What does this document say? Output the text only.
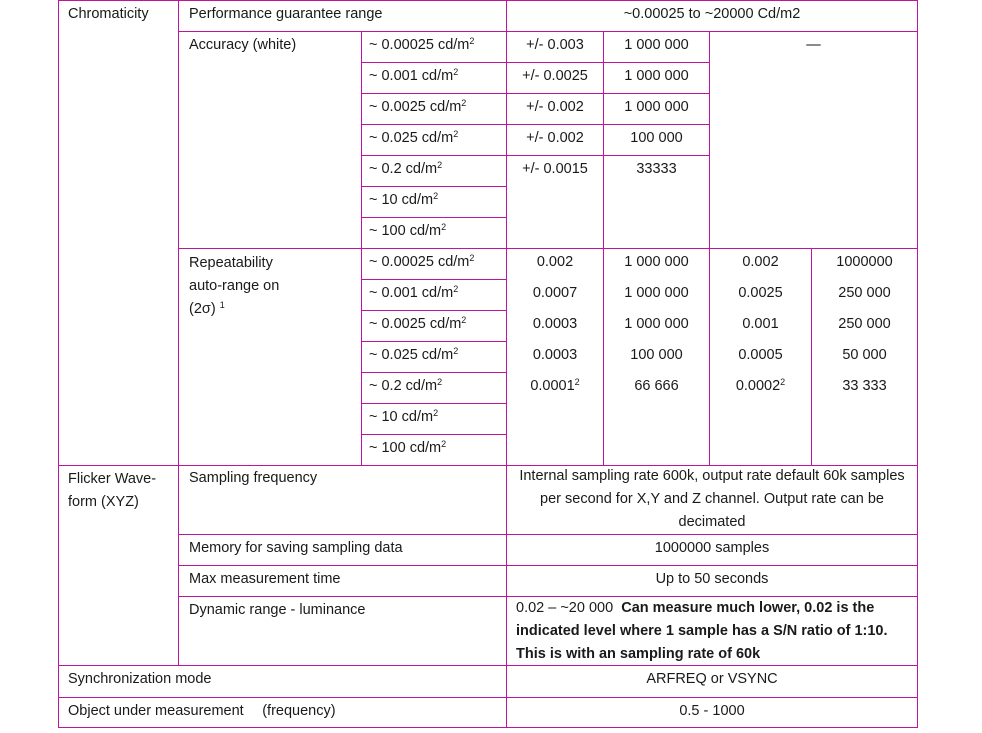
Chromaticity	Performance guarantee range	~0.00025 to ~20000 Cd/m2
Accuracy (white)	—
~ 0.00025 $cd/m^2$	+/- 0.003	1 000 000
~ 0.001 $cd/m^2$	+/- 0.0025	1 000 000
~ 0.0025 $cd/m^2$	+/- 0.002	1 000 000
~ 0.025 $cd/m^2$	+/- 0.002	100 000
~ 0.2 $cd/m^2$	+/- 0.0015	33333
~ 10 $cd/m^2$
~ 100 $cd/m^2$
Repeatability
auto-range on
(2σ) $^1$
~ 0.00025 $cd/m^2$	0.002	1 000 000	0.002	1000000
~ 0.001 $cd/m^2$	0.0007	1 000 000	0.0025	250 000
~ 0.0025 $cd/m^2$	0.0003	1 000 000	0.001	250 000
~ 0.025 $cd/m^2$	0.0003	100 000	0.0005	50 000
~ 0.2 $cd/m^2$	0.0001$^2$	66 666	0.0002$^2$	33 333
~ 10 $cd/m^2$
~ 100 $cd/m^2$
Flicker Wave-
form (XYZ)
Sampling frequency	Internal sampling rate 600k, output rate default 60k samples per second for X,Y and Z channel. Output rate can be decimated
Memory for saving sampling data	1000000 samples
Max measurement time	Up to 50 seconds
Dynamic range - luminance	0.02 – ~20 000 Can measure much lower, 0.02 is the indicated level where 1 sample has a S/N ratio of 1:10. This is with an sampling rate of 60k
Synchronization mode	ARFREQ or VSYNC
Object under measurement 　(frequency)	0.5 - 1000
